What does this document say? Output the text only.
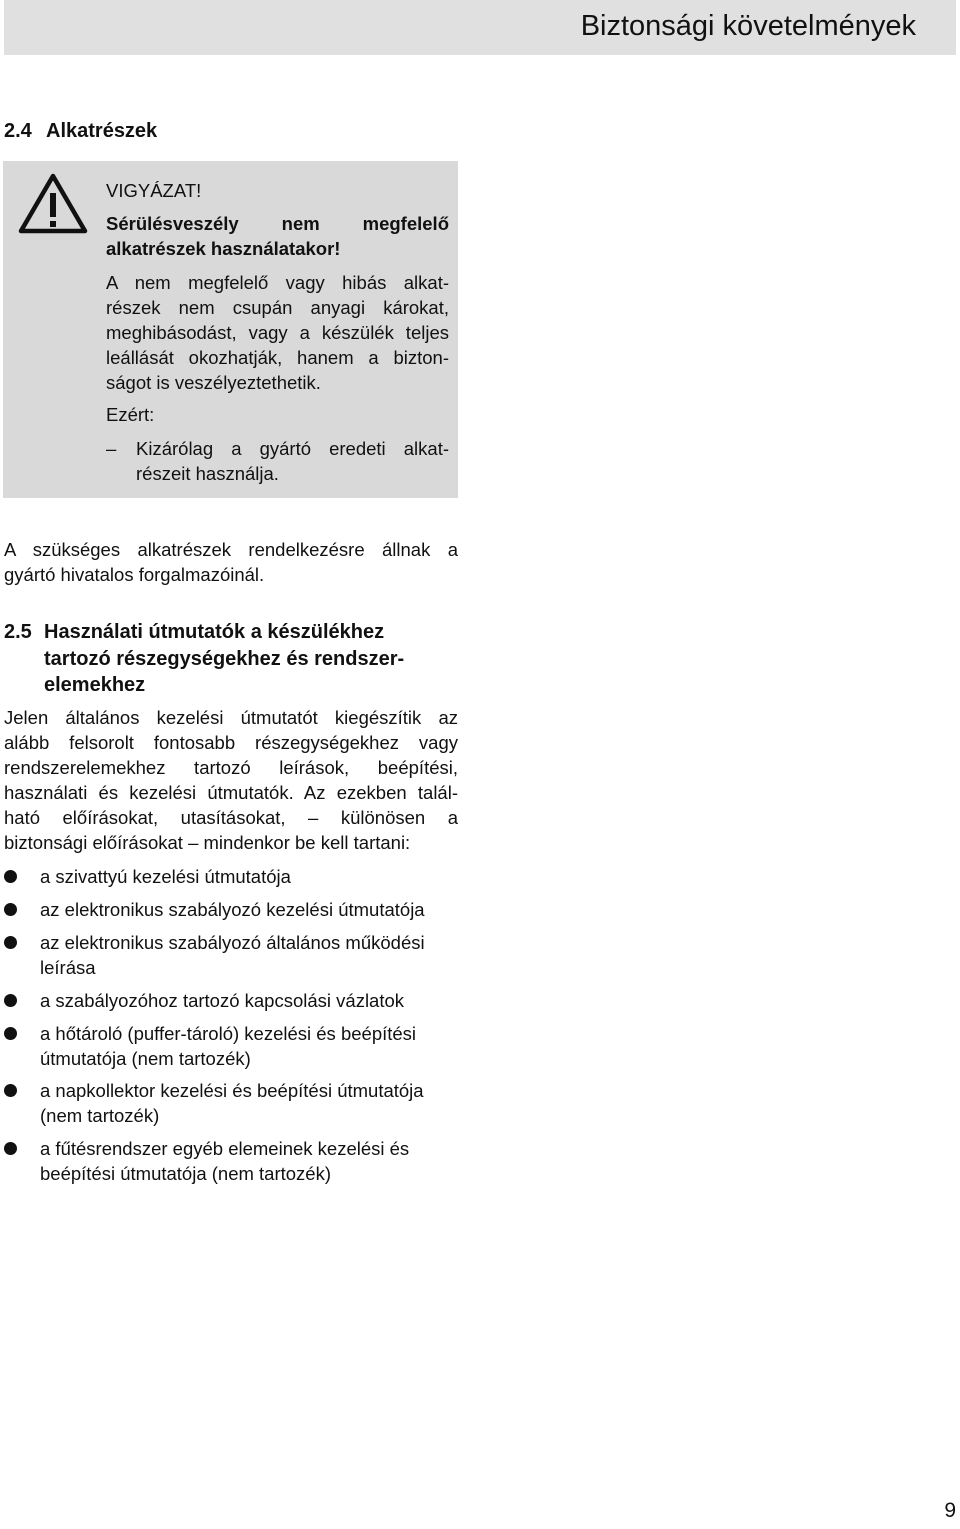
Biztonsági követelmények
2.4 Alkatrészek
VIGYÁZAT!
Sérülésveszély nem megfelelő
alkatrészek használatakor!
A nem megfelelő vagy hibás alkat-
részek nem csupán anyagi károkat,
meghibásodást, vagy a készülék teljes
leállását okozhatják, hanem a bizton-
ságot is veszélyeztethetik.
Ezért:
–	Kizárólag a gyártó eredeti alkat-
részeit használja.
A szükséges alkatrészek rendelkezésre állnak a
gyártó hivatalos forgalmazóinál.
2.5 Használati útmutatók a készülékhez
tartozó részegységekhez és rendszer-
elemekhez
Jelen általános kezelési útmutatót kiegészítik az
alább felsorolt fontosabb részegységekhez vagy
rendszerelemekhez tartozó leírások, beépítési,
használati és kezelési útmutatók. Az ezekben talál-
ható előírásokat, utasításokat, – különösen a
biztonsági előírásokat – mindenkor be kell tartani:
a szivattyú kezelési útmutatója
az elektronikus szabályozó kezelési útmutatója
az elektronikus szabályozó általános működési
leírása
a szabályozóhoz tartozó kapcsolási vázlatok
a hőtároló (puffer-tároló) kezelési és beépítési
útmutatója (nem tartozék)
a napkollektor kezelési és beépítési útmutatója
(nem tartozék)
a fűtésrendszer egyéb elemeinek kezelési és
beépítési útmutatója (nem tartozék)
9
